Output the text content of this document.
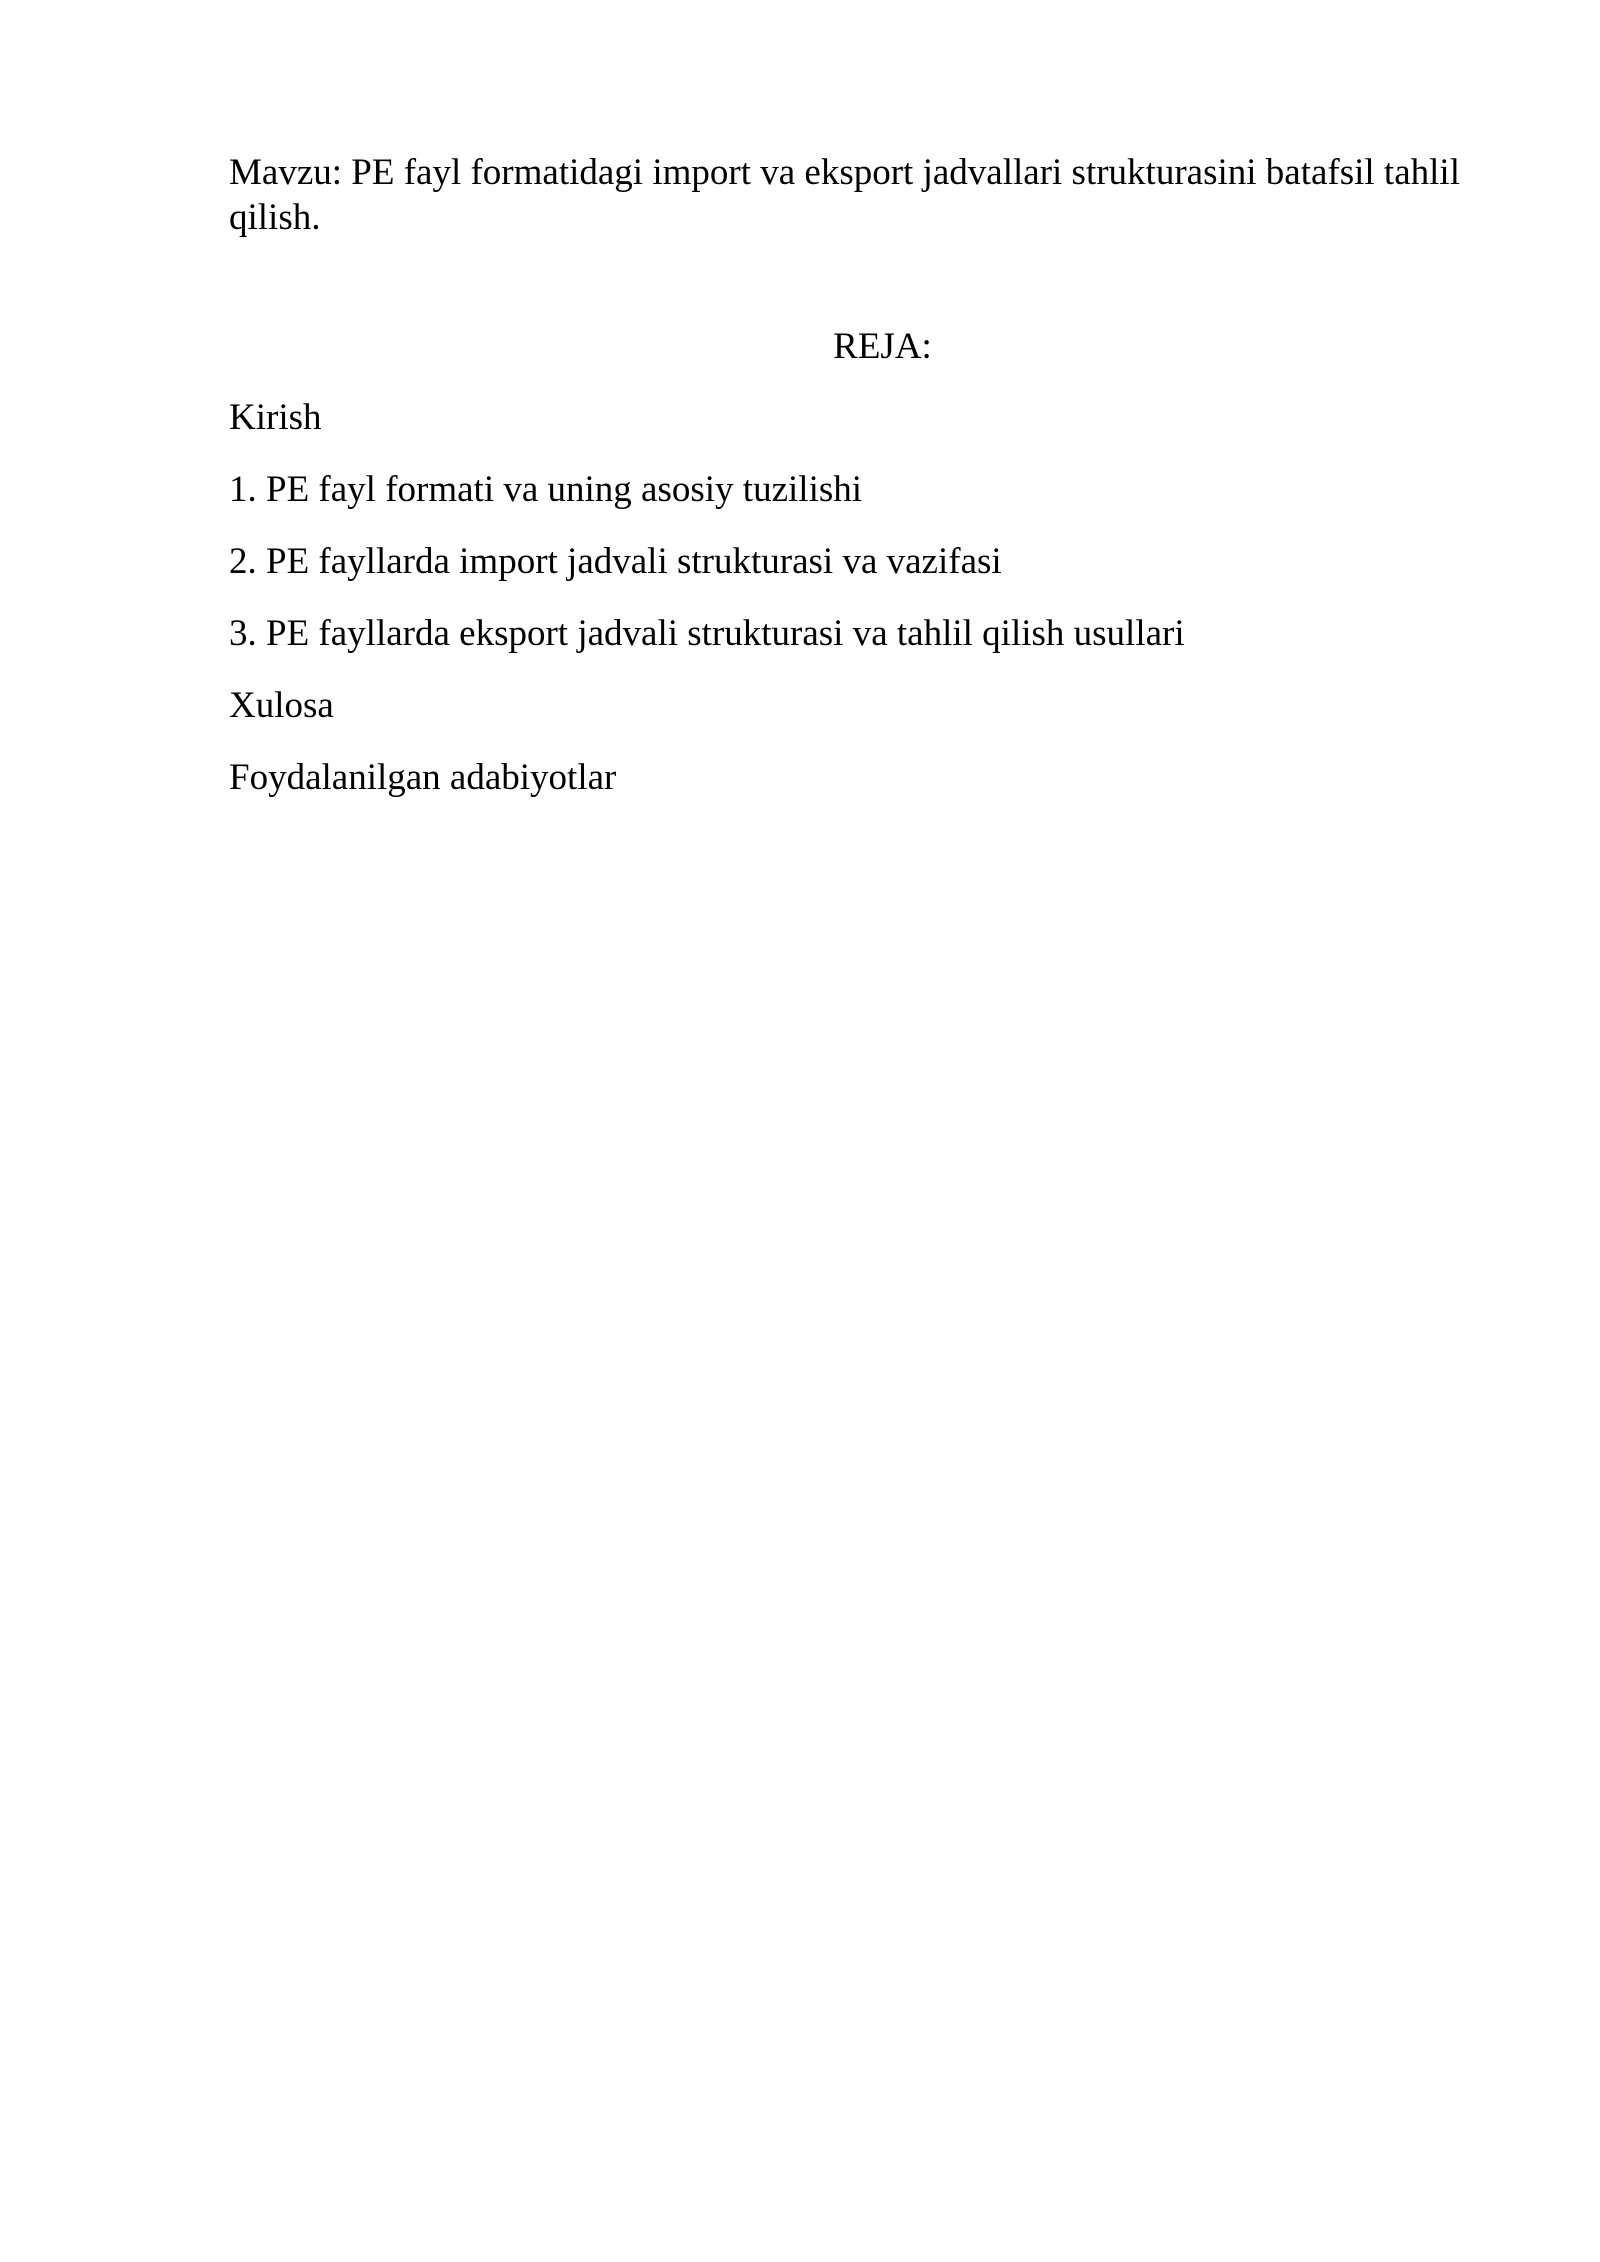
Mavzu: PE fayl formatidagi import va eksport jadvallari strukturasini batafsil tahlil qilish.

REJA:

Kirish
1. PE fayl formati va uning asosiy tuzilishi
2. PE fayllarda import jadvali strukturasi va vazifasi
3. PE fayllarda eksport jadvali strukturasi va tahlil qilish usullari
Xulosa
Foydalanilgan adabiyotlar
